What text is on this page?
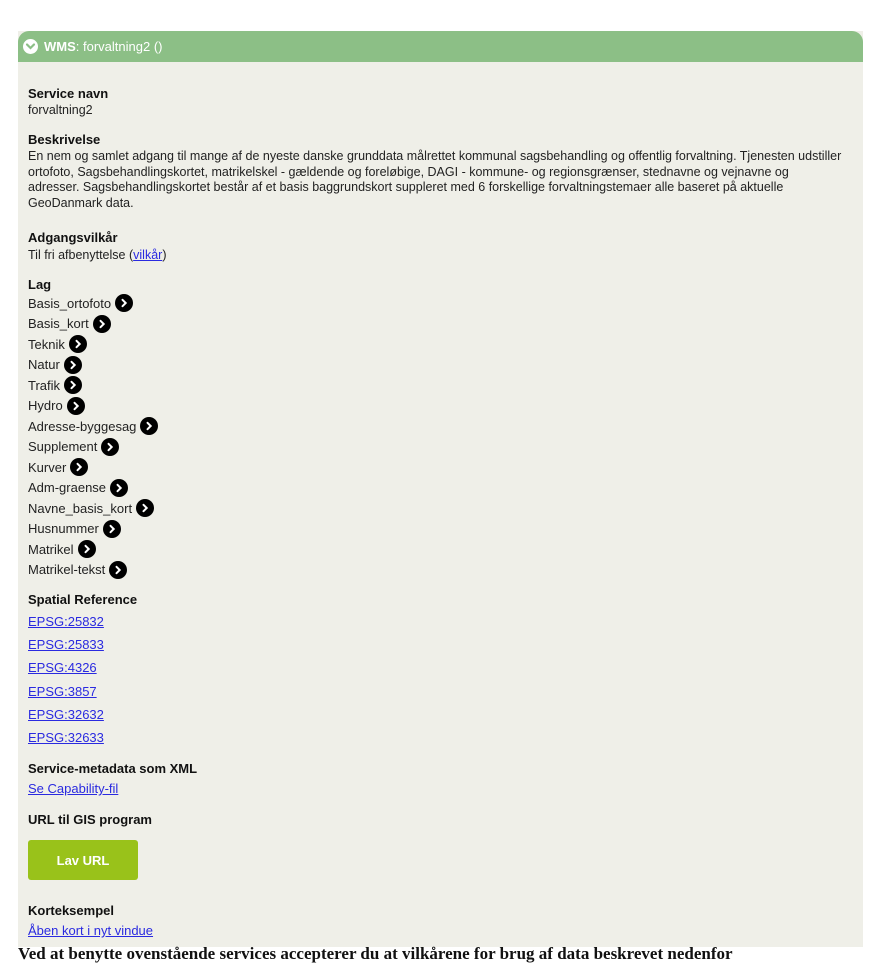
WMS : forvaltning2 ()
Service navn
forvaltning2
Beskrivelse
En nem og samlet adgang til mange af de nyeste danske grunddata målrettet kommunal sagsbehandling og offentlig forvaltning. Tjenesten udstiller ortofoto, Sagsbehandlingskortet, matrikelskel - gældende og foreløbige, DAGI - kommune- og regionsgrænser, stednavne og vejnavne og adresser. Sagsbehandlingskortet består af et basis baggrundskort suppleret med 6 forskellige forvaltningstemaer alle baseret på aktuelle GeoDanmark data.
Adgangsvilkår
Til fri afbenyttelse (vilkår)
Lag
Basis_ortofoto
Basis_kort
Teknik
Natur
Trafik
Hydro
Adresse-byggesag
Supplement
Kurver
Adm-graense
Navne_basis_kort
Husnummer
Matrikel
Matrikel-tekst
Spatial Reference
EPSG:25832
EPSG:25833
EPSG:4326
EPSG:3857
EPSG:32632
EPSG:32633
Service-metadata som XML
Se Capability-fil
URL til GIS program
Lav URL
Korteksempel
Åben kort i nyt vindue
Ved at benytte ovenstående services accepterer du at vilkårene for brug af data beskrevet nedenfor
